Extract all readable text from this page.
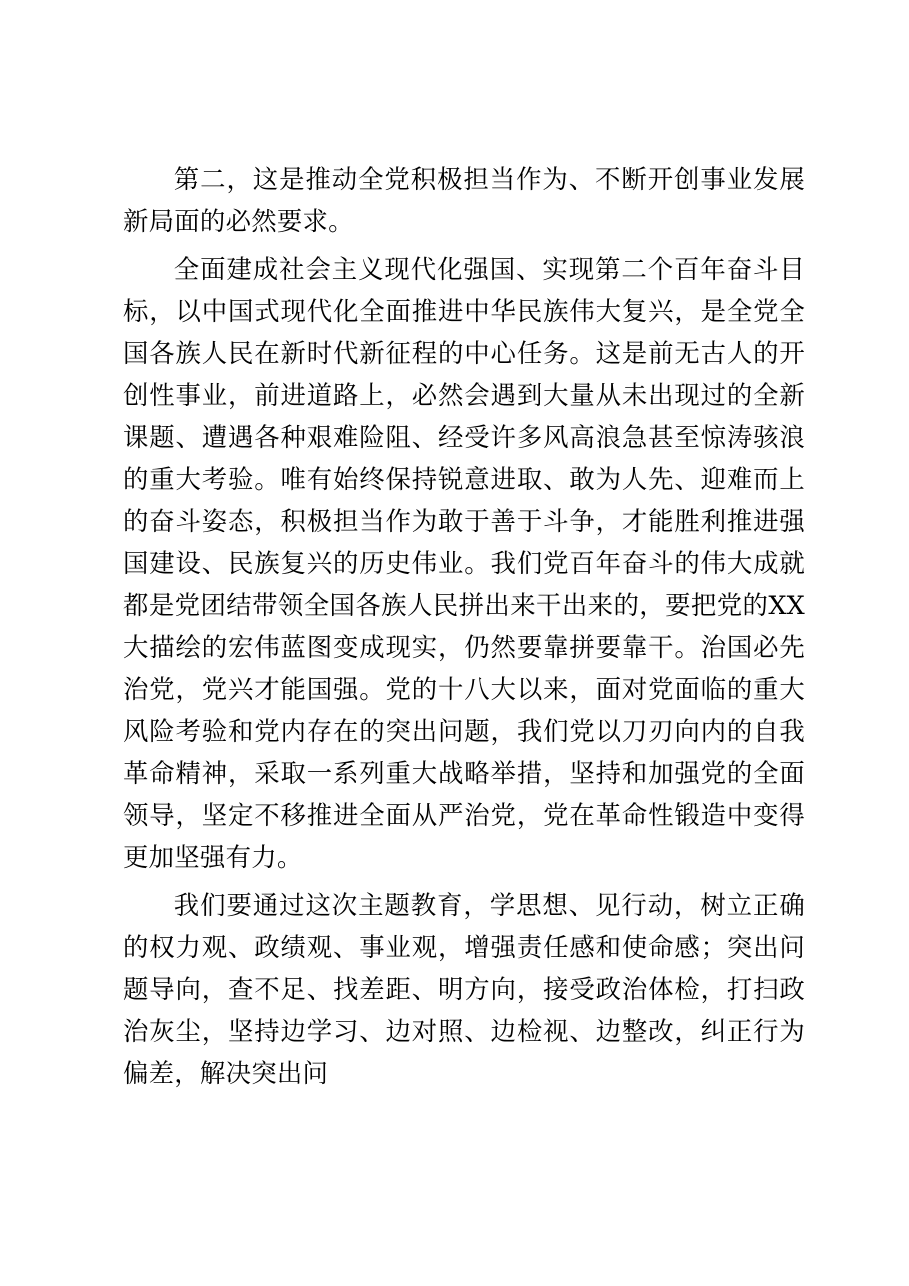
第二，这是推动全党积极担当作为、不断开创事业发展新局面的必然要求。

全面建成社会主义现代化强国、实现第二个百年奋斗目标，以中国式现代化全面推进中华民族伟大复兴，是全党全国各族人民在新时代新征程的中心任务。这是前无古人的开创性事业，前进道路上，必然会遇到大量从未出现过的全新课题、遭遇各种艰难险阻、经受许多风高浪急甚至惊涛骇浪的重大考验。唯有始终保持锐意进取、敢为人先、迎难而上的奋斗姿态，积极担当作为敢于善于斗争，才能胜利推进强国建设、民族复兴的历史伟业。我们党百年奋斗的伟大成就都是党团结带领全国各族人民拼出来干出来的，要把党的XX大描绘的宏伟蓝图变成现实，仍然要靠拼要靠干。治国必先治党，党兴才能国强。党的十八大以来，面对党面临的重大风险考验和党内存在的突出问题，我们党以刀刃向内的自我革命精神，采取一系列重大战略举措，坚持和加强党的全面领导，坚定不移推进全面从严治党，党在革命性锻造中变得更加坚强有力。

我们要通过这次主题教育，学思想、见行动，树立正确的权力观、政绩观、事业观，增强责任感和使命感；突出问题导向，查不足、找差距、明方向，接受政治体检，打扫政治灰尘，坚持边学习、边对照、边检视、边整改，纠正行为偏差，解决突出问
